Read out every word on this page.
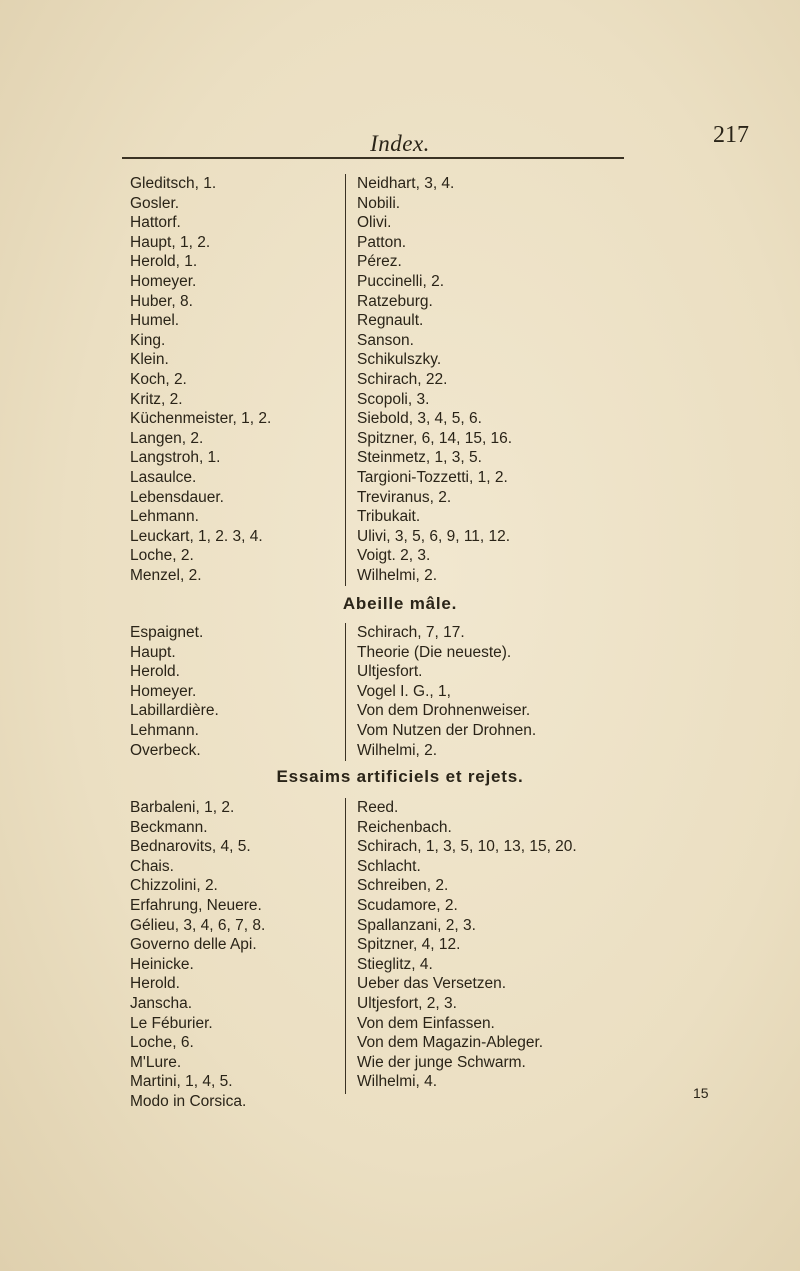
Index.	217
Gleditsch, 1.
Gosler.
Hattorf.
Haupt, 1, 2.
Herold, 1.
Homeyer.
Huber, 8.
Humel.
King.
Klein.
Koch, 2.
Kritz, 2.
Küchenmeister, 1, 2.
Langen, 2.
Langstroh, 1.
Lasaulce.
Lebensdauer.
Lehmann.
Leuckart, 1, 2. 3, 4.
Loche, 2.
Menzel, 2.
Neidhart, 3, 4.
Nobili.
Olivi.
Patton.
Pérez.
Puccinelli, 2.
Ratzeburg.
Regnault.
Sanson.
Schikulszky.
Schirach, 22.
Scopoli, 3.
Siebold, 3, 4, 5, 6.
Spitzner, 6, 14, 15, 16.
Steinmetz, 1, 3, 5.
Targioni-Tozzetti, 1, 2.
Treviranus, 2.
Tribukait.
Ulivi, 3, 5, 6, 9, 11, 12.
Voigt. 2, 3.
Wilhelmi, 2.
Abeille mâle.
Espaignet.
Haupt.
Herold.
Homeyer.
Labillardière.
Lehmann.
Overbeck.
Schirach, 7, 17.
Theorie (Die neueste).
Ultjesfort.
Vogel I. G., 1,
Von dem Drohnenweiser.
Vom Nutzen der Drohnen.
Wilhelmi, 2.
Essaims artificiels et rejets.
Barbaleni, 1, 2.
Beckmann.
Bednarovits, 4, 5.
Chais.
Chizzolini, 2.
Erfahrung, Neuere.
Gélieu, 3, 4, 6, 7, 8.
Governo delle Api.
Heinicke.
Herold.
Janscha.
Le Féburier.
Loche, 6.
M'Lure.
Martini, 1, 4, 5.
Modo in Corsica.
Reed.
Reichenbach.
Schirach, 1, 3, 5, 10, 13, 15, 20.
Schlacht.
Schreiben, 2.
Scudamore, 2.
Spallanzani, 2, 3.
Spitzner, 4, 12.
Stieglitz, 4.
Ueber das Versetzen.
Ultjesfort, 2, 3.
Von dem Einfassen.
Von dem Magazin-Ableger.
Wie der junge Schwarm.
Wilhelmi, 4.
15
